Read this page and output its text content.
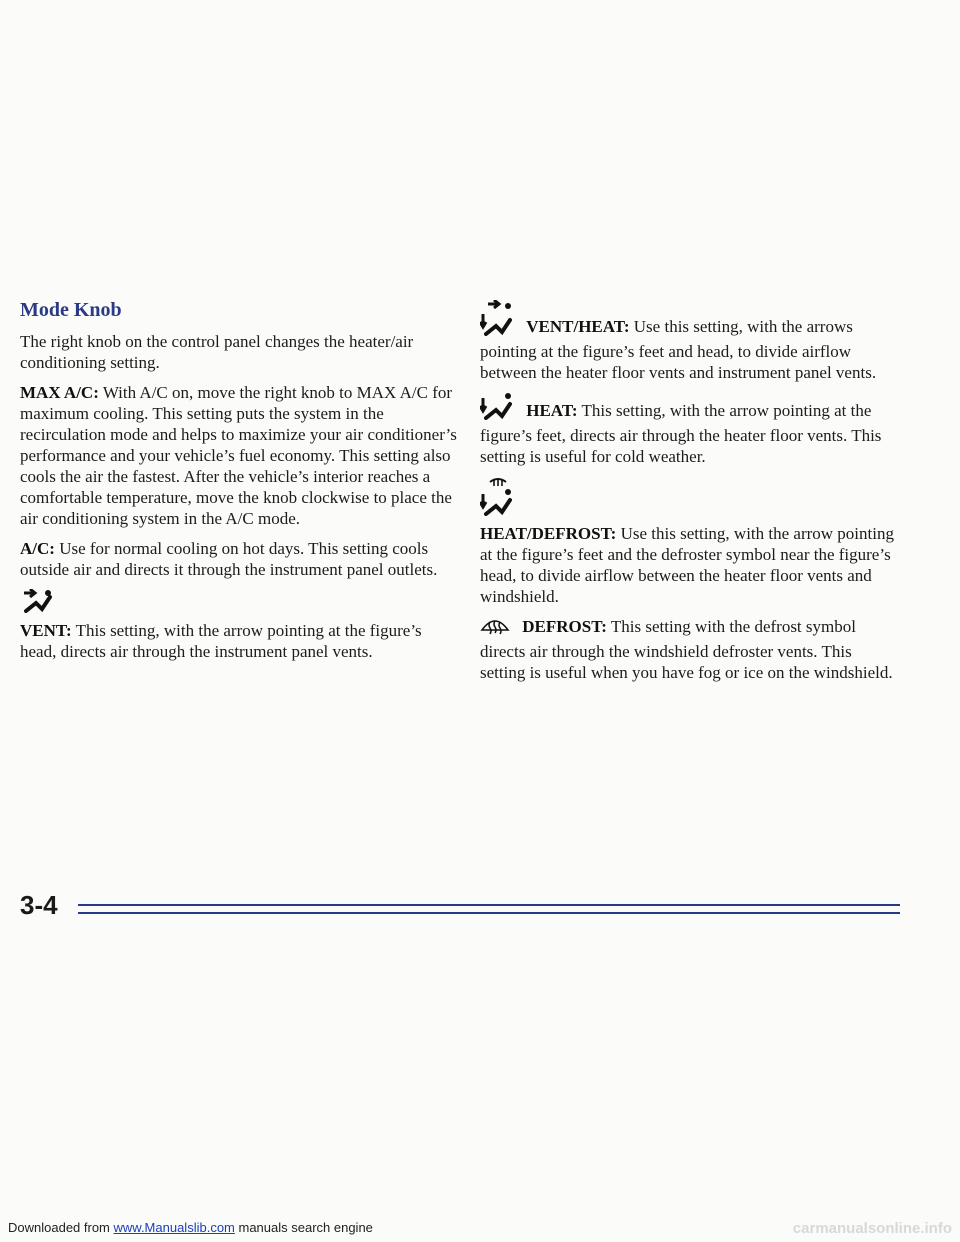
Mode Knob

The right knob on the control panel changes the heater/air conditioning setting.

MAX A/C: With A/C on, move the right knob to MAX A/C for maximum cooling. This setting puts the system in the recirculation mode and helps to maximize your air conditioner’s performance and your vehicle’s fuel economy. This setting also cools the air the fastest. After the vehicle’s interior reaches a comfortable temperature, move the knob clockwise to place the air conditioning system in the A/C mode.

A/C: Use for normal cooling on hot days. This setting cools outside air and directs it through the instrument panel outlets.

VENT: This setting, with the arrow pointing at the figure’s head, directs air through the instrument panel vents.

VENT/HEAT: Use this setting, with the arrows pointing at the figure’s feet and head, to divide airflow between the heater floor vents and instrument panel vents.

HEAT: This setting, with the arrow pointing at the figure’s feet, directs air through the heater floor vents. This setting is useful for cold weather.

HEAT/DEFROST: Use this setting, with the arrow pointing at the figure’s feet and the defroster symbol near the figure’s head, to divide airflow between the heater floor vents and windshield.

DEFROST: This setting with the defrost symbol directs air through the windshield defroster vents. This setting is useful when you have fog or ice on the windshield.

3-4
Downloaded from www.Manualslib.com manuals search engine	carmanualsonline.info
